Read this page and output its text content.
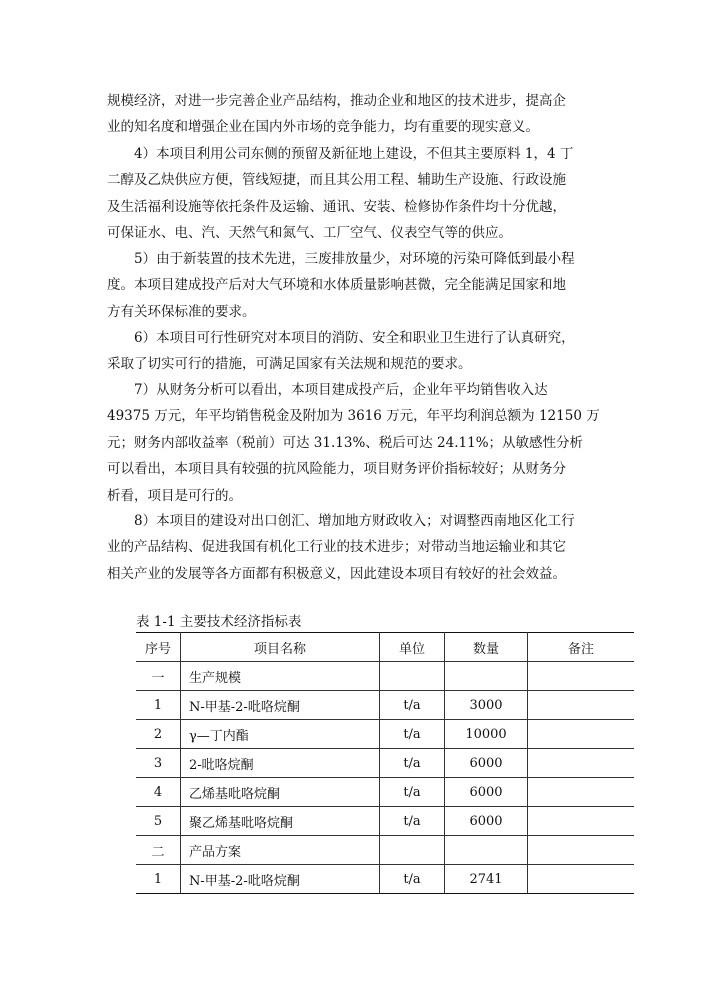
规模经济，对进一步完善企业产品结构，推动企业和地区的技术进步，提高企
业的知名度和增强企业在国内外市场的竞争能力，均有重要的现实意义。

　　4）本项目利用公司东侧的预留及新征地上建设，不但其主要原料 1，4 丁
二醇及乙炔供应方便，管线短捷，而且其公用工程、辅助生产设施、行政设施
及生活福利设施等依托条件及运输、通讯、安装、检修协作条件均十分优越，
可保证水、电、汽、天然气和氮气、工厂空气、仪表空气等的供应。

　　5）由于新装置的技术先进，三废排放量少，对环境的污染可降低到最小程
度。本项目建成投产后对大气环境和水体质量影响甚微，完全能满足国家和地
方有关环保标准的要求。

　　6）本项目可行性研究对本项目的消防、安全和职业卫生进行了认真研究，
采取了切实可行的措施，可满足国家有关法规和规范的要求。

　　7）从财务分析可以看出，本项目建成投产后，企业年平均销售收入达
49375 万元，年平均销售税金及附加为 3616 万元，年平均利润总额为 12150 万
元；财务内部收益率（税前）可达 31.13%、税后可达 24.11%；从敏感性分析
可以看出，本项目具有较强的抗风险能力，项目财务评价指标较好；从财务分
析看，项目是可行的。

　　8）本项目的建设对出口创汇、增加地方财政收入；对调整西南地区化工行
业的产品结构、促进我国有机化工行业的技术进步；对带动当地运输业和其它
相关产业的发展等各方面都有积极意义，因此建设本项目有较好的社会效益。

表 1-1 主要技术经济指标表
序号	项目名称	单位	数量	备注
一	生产规模			
1	N-甲基-2-吡咯烷酮	t/a	3000	
2	γ—丁内酯	t/a	10000	
3	2-吡咯烷酮	t/a	6000	
4	乙烯基吡咯烷酮	t/a	6000	
5	聚乙烯基吡咯烷酮	t/a	6000	
二	产品方案			
1	N-甲基-2-吡咯烷酮	t/a	2741	
